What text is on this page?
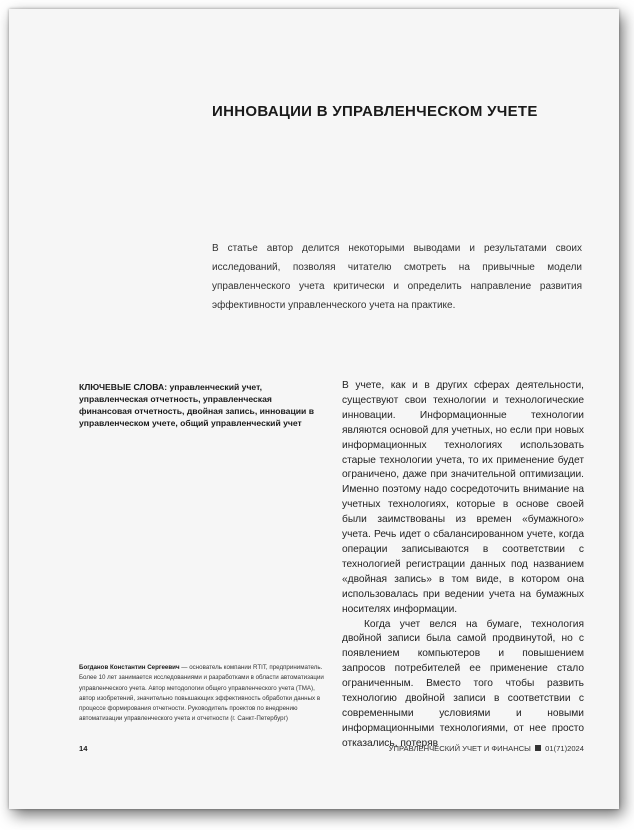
ИННОВАЦИИ В УПРАВЛЕНЧЕСКОМ УЧЕТЕ

В статье автор делится некоторыми выводами и результатами своих исследований, позволяя читателю смотреть на привычные модели управленческого учета критически и определить направление развития эффективности управленческого учета на практике.

КЛЮЧЕВЫЕ СЛОВА: управленческий учет, управленческая отчетность, управленческая финансовая отчетность, двойная запись, инновации в управленческом учете, общий управленческий учет

Богданов Константин Сергеевич — основатель компании RTIT, предприниматель. Более 10 лет занимается исследованиями и разработками в области автоматизации управленческого учета. Автор методологии общего управленческого учета (TMA), автор изобретений, значительно повышающих эффективность обработки данных в процессе формирования отчетности. Руководитель проектов по внедрению автоматизации управленческого учета и отчетности (г. Санкт-Петербург)

В учете, как и в других сферах деятельности, существуют свои технологии и технологические инновации. Информационные технологии являются основой для учетных, но если при новых информационных технологиях использовать старые технологии учета, то их применение будет ограничено, даже при значительной оптимизации. Именно поэтому надо сосредоточить внимание на учетных технологиях, которые в основе своей были заимствованы из времен «бумажного» учета. Речь идет о сбалансированном учете, когда операции записываются в соответствии с технологией регистрации данных под названием «двойная запись» в том виде, в котором она использовалась при ведении учета на бумажных носителях информации.

Когда учет велся на бумаге, технология двойной записи была самой продвинутой, но с появлением компьютеров и повышением запросов потребителей ее применение стало ограниченным. Вместо того чтобы развить технологию двойной записи в соответствии с современными условиями и новыми информационными технологиями, от нее просто отказались, потеряв

14	УПРАВЛЕНЧЕСКИЙ УЧЕТ И ФИНАНСЫ 01(71)2024
